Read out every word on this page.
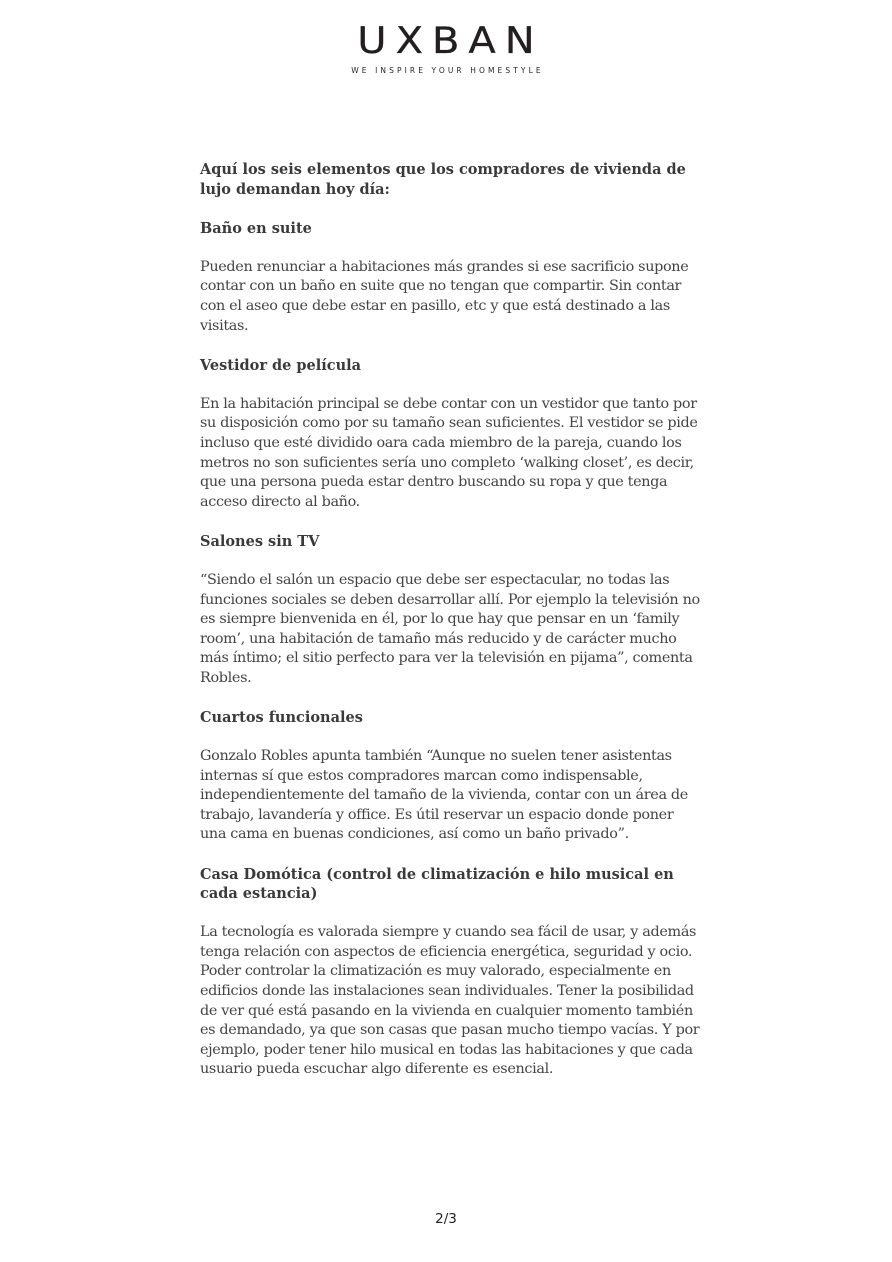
UXBAN
WE INSPIRE YOUR HOMESTYLE
Aquí los seis elementos que los compradores de vivienda de lujo demandan hoy día:
Baño en suite

Pueden renunciar a habitaciones más grandes si ese sacrificio supone contar con un baño en suite que no tengan que compartir. Sin contar con el aseo que debe estar en pasillo, etc y que está destinado a las visitas.

Vestidor de película

En la habitación principal se debe contar con un vestidor que tanto por su disposición como por su tamaño sean suficientes. El vestidor se pide incluso que esté dividido oara cada miembro de la pareja, cuando los metros no son suficientes sería uno completo ‘walking closet’, es decir, que una persona pueda estar dentro buscando su ropa y que tenga acceso directo al baño.

Salones sin TV

“Siendo el salón un espacio que debe ser espectacular, no todas las funciones sociales se deben desarrollar allí. Por ejemplo la televisión no es siempre bienvenida en él, por lo que hay que pensar en un ‘family room’, una habitación de tamaño más reducido y de carácter mucho más íntimo; el sitio perfecto para ver la televisión en pijama”, comenta Robles.

Cuartos funcionales

Gonzalo Robles apunta también “Aunque no suelen tener asistentas internas sí que estos compradores marcan como indispensable, independientemente del tamaño de la vivienda, contar con un área de trabajo, lavandería y office. Es útil reservar un espacio donde poner una cama en buenas condiciones, así como un baño privado”.

Casa Domótica (control de climatización e hilo musical en cada estancia)

La tecnología es valorada siempre y cuando sea fácil de usar, y además tenga relación con aspectos de eficiencia energética, seguridad y ocio. Poder controlar la climatización es muy valorado, especialmente en edificios donde las instalaciones sean individuales. Tener la posibilidad de ver qué está pasando en la vivienda en cualquier momento también es demandado, ya que son casas que pasan mucho tiempo vacías. Y por ejemplo, poder tener hilo musical en todas las habitaciones y que cada usuario pueda escuchar algo diferente es esencial.

2/3
